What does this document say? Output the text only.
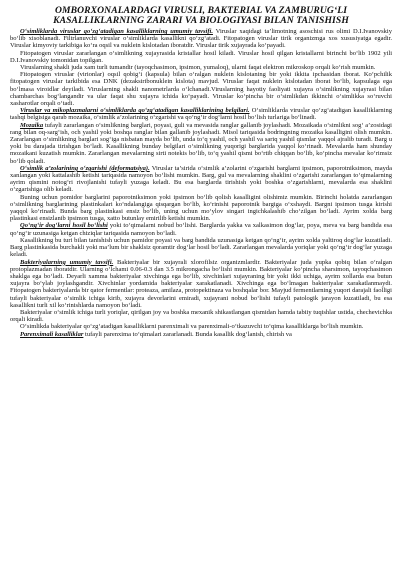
OMBORXONALARDAGI VIRUSLI, BAKTERIAL VA ZAMBURUG‘LI KASALLIKLARNING ZARARI VA BIOLOGIYASI BILAN TANISHISH

O‘simliklarda viruslar qo‘zg‘atadigan kasalliklarning umumiy tavsifi. Viruslar xaqidagi ta’limotning asoschisi rus olimi D.I.Ivanovskiy bo‘lib xisoblanadi. Filtrlanuvchi viruslar o‘simliklarda kasallikni qo‘zg‘atadi. Fitopatogen viruslar tirik organizmga xos xususiyatga egadir. Viruslar kimyoviy tarkibiga ko‘ra oqsil va nuklein kislotadan iboratdir. Viruslar tirik xujayrada ko‘payadi.

Fitopatogen viruslar zararlangan o‘simlikning xujayrasida kristallar hosil kiladi. Viruslar hosil qilgan kristallarni birinchi bo‘lib 1902 yili D.I.Ivanovskiy tomonidan topilgan.

Viruslarning shakli juda xam turli tumandir (tayoqchasimon, ipsimon, yumaloq), ularni faqat elektron mikroskop orqali ko‘rish mumkin.

Fitopatogen viruslar (virionlar) oqsil qobig‘i (kapsula) bilan o‘ralgan nuklein kislotaning bir yoki ikkita ipchasidan iborat. Ko‘pchilik fitopatogen viruslar tarkibida esa DNK (dezaksiribonuklein kislota) mavjud. Viruslar faqat nuklein kislotadan iborat bo‘lib, kapsulaga ega bo‘lmasa viroidlar deyiladi. Viruslarning shakli nanometrlarda o‘lchanadi.Viruslarning hayotiy faoliyati xujayra o‘simlikning xujayrasi bilan chambarchas bog‘langandir va ular faqat shu xujayra ichida ko‘payadi. Viruslar ko‘pincha bir o‘simlikdan ikkinchi o‘simlikka so‘ruvchi xasharotlar orqali o‘tadi.

Viruslar va mikoplazmalarni o‘simliklarda qo‘zg‘atadigan kasalliklarining belgilari. O‘simliklarda viruslar qo‘zg‘atadigan kasalliklarning tashqi belgisiga qarab mozaika, o‘simlik a’zolarining o‘zgarishi va qo‘ng‘ir dog‘larni hosil bo‘lish turlariga bo‘linadi.

Mozaika tufayli zararlangan o‘simlikning barglari, poyasi, guli va mevasida ranglar gallanib joylashadi. Mozaikada o‘simlikni sog‘ a’zosidagi rang bilan oq-sarg‘ish, och yashil yoki boshqa ranglar bilan gallanib joylashadi. Misol tariqasida bodringning mozaika kasalligini olish mumkin. Zararlangan o‘simlikning barglari sog‘iga nisbatan mayda bo‘lib, unda to‘q yashil, och yashil va sariq yashil qismlar yaqqol ajralib turadi. Barg u yoki bu darajada tirishgan bo‘ladi. Kasallikning bunday belgilari o‘simlikning yuqorigi barglarida yaqqol ko‘rinadi. Mevalarda ham shunday mozaikani kuzatish mumkin. Zararlangan mevalarning sirti notekis bo‘lib, to‘q yashil qismi bo‘rtib chiqqan bo‘lib, ko‘pincha mevalar ko‘rimsiz bo‘lib qoladi.

O‘simlik a’zolarining o‘zgarishi (deformatsiya). Viruslar ta’sirida o‘simlik a’zolarini o‘zgarishi barglarni ipsimon, paporotniksimon, mayda xanlangan yoki kattalashib ketishi tariqasida namoyon bo‘lishi mumkin. Barg, gul va mevalarning shaklini o‘zgarishi zararlangan to‘qimalarning ayrim qismini notog‘ri rivojlanishi tufayli yuzaga keladi. Bu esa barglarda tirishish yoki boshka o‘zgarishlarni, mevalarda esa shaklini o‘zgarishiga olib keladi.

Buning uchun pomidor barglarini paporotniksimon yoki ipsimon bo‘lib qolish kasalligini olishimiz mumkin. Birinchi holatda zararlangan o‘simlikning barglarining plastinkalari ko‘ndalangiga qisqargan bo‘lib, ko‘rinishi paporotnik bargiga o‘xshaydi. Bargni ipsimon tusga kirishi yaqqol ko‘rinadi. Bunda barg plastinkasi ensiz bo‘lib, uning uchun mo‘ylov singari ingichkalashib cho‘zilgan bo‘ladi. Ayrim xolda barg plastinkasi ensizlanib ipsimon tusga, xatto butunlay emirilib ketishi mumkin.

Qo‘ng‘ir dog‘larni hosil bo‘lishi yoki to‘qimalarni nobud bo‘lishi. Barglarda yakka va xalkasimon dog‘lar, poya, meva va barg bandida esa qo‘ng‘ir uzunasiga ketgan chiziqlar tariqasida namoyon bo‘ladi.

Kasallikning bu turi bilan tanishish uchun pamidor poyasi va barg bandida uzunasiga ketgan qo‘ng‘ir, ayrim xolda yaltiroq dog‘lar kuzatiladi. Barg plastinkasida burchakli yoki ma’lum bir shaklsiz qoramtir dog‘lar hosil bo‘ladi. Zararlangan mevalarda yoriqlar yoki qo‘ng‘ir dog‘lar yuzaga keladi.

Bakteriyalarning umumiy tavsifi. Bakteriyalar bir xujayrali xlorofilsiz organizmlardir. Bakteriyalar juda yupka qobiq bilan o‘ralgan protoplazmadan iboratdir. Ularning o‘lchami 0.06-0.3 dan 3.5 mikrongacha bo‘lishi mumkin. Bakteriyalar ko‘pincha sharsimon, tayoqchasimon shaklga ega bo‘ladi. Deyarli xamma bakteriyalar xivchinga ega bo‘lib, xivchinlari xujayraning bir yoki ikki uchiga, ayrim xollarda esa butun xujayra bo‘ylab joylashgandir. Xivchinlar yordamida bakteriyalar xarakatlanadi. Xivchinga ega bo‘lmagan bakteriyalar xarakatlanmaydi. Fitopatogen bakteriyalarda bir qator fermentlar: proteaza, amilaza, protopektinaza va boshqalar bor. Mayjud fermentlarning yuqori darajali faolligi tufayli bakteriyalar o‘simlik ichiga kirib, xujayra devorlarini emiradi, xujayrani nobud bo‘lishi tufayli patologik jarayon kuzatiladi, bu esa kasallikni turli xil ko‘rinishlarda namoyon bo‘ladi.

Bakteriyalar o‘simlik ichiga turli yoriqlar, qirilgan joy va boshka mexanik shikastlangan qismidan hamda tabiiy tuqishlar ustida, chechevichka orqali kiradi.

O‘simlikda bakteriyalar qo‘zg‘atadigan kasalliklarni parenximali va parenximali-o‘tkazuvchi to‘qima kasalliklarga bo‘lish mumkin.

Parenximali kasalliklar tufayli parenxima to‘qimalari zararlanadi. Bunda kasallik dog‘lanish, chirish va
